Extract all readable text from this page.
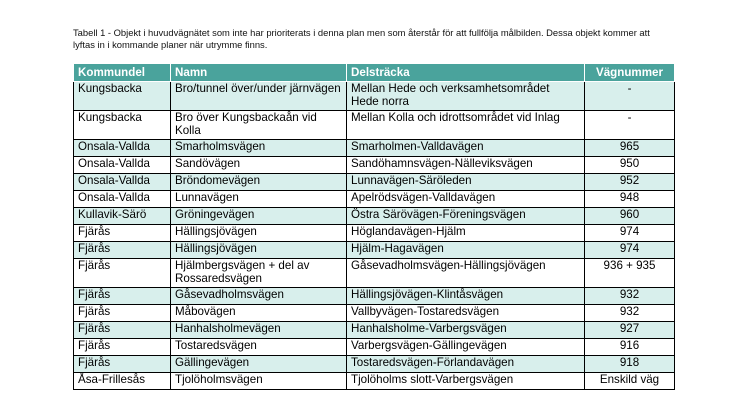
Tabell 1 - Objekt i huvudvägnätet som inte har prioriterats i denna plan men som återstår för att fullfölja målbilden. Dessa objekt kommer att lyftas in i kommande planer när utrymme finns.
Kommundel	Namn	Delsträcka	Vägnummer
Kungsbacka	Bro/tunnel över/under järnvägen	Mellan Hede och verksamhetsområdet Hede norra	-
Kungsbacka	Bro över Kungsbackaån vid Kolla	Mellan Kolla och idrottsområdet vid Inlag	-
Onsala-Vallda	Smarholmsvägen	Smarholmen-Valldavägen	965
Onsala-Vallda	Sandövägen	Sandöhamnsvägen-Nälleviksvägen	950
Onsala-Vallda	Bröndomevägen	Lunnavägen-Säröleden	952
Onsala-Vallda	Lunnavägen	Apelrödsvägen-Valldavägen	948
Kullavik-Särö	Gröningevägen	Östra Särövägen-Föreningsvägen	960
Fjärås	Hällingsjövägen	Höglandavägen-Hjälm	974
Fjärås	Hällingsjövägen	Hjälm-Hagavägen	974
Fjärås	Hjälmbergsvägen + del av Rossaredsvägen	Gåsevadholmsvägen-Hällingsjövägen	936 + 935
Fjärås	Gåsevadholmsvägen	Hällingsjövägen-Klintåsvägen	932
Fjärås	Måbovägen	Vallbyvägen-Tostaredsvägen	932
Fjärås	Hanhalsholmevägen	Hanhalsholme-Varbergsvägen	927
Fjärås	Tostaredsvägen	Varbergsvägen-Gällingevägen	916
Fjärås	Gällingevägen	Tostaredsvägen-Förlandavägen	918
Åsa-Frillesås	Tjolöholmsvägen	Tjolöholms slott-Varbergsvägen	Enskild väg
